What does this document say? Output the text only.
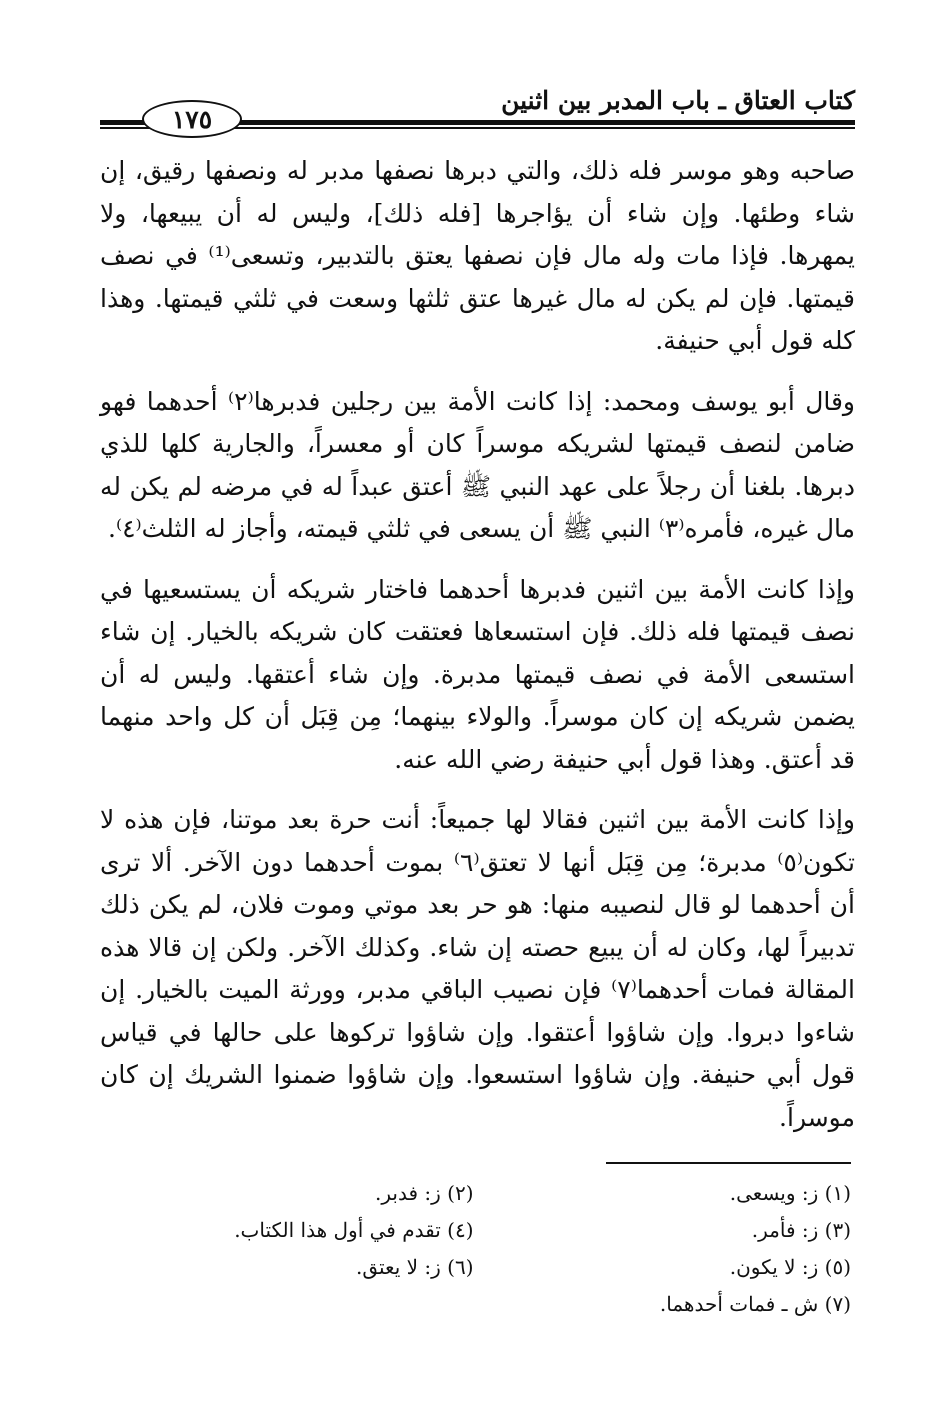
كتاب العتاق ـ باب المدبر بين اثنين
١٧٥

صاحبه وهو موسر فله ذلك، والتي دبرها نصفها مدبر له ونصفها رقيق، إن شاء وطئها. وإن شاء أن يؤاجرها [فله ذلك]، وليس له أن يبيعها، ولا يمهرها. فإذا مات وله مال فإن نصفها يعتق بالتدبير، وتسعى⁽¹⁾ في نصف قيمتها. فإن لم يكن له مال غيرها عتق ثلثها وسعت في ثلثي قيمتها. وهذا كله قول أبي حنيفة.

وقال أبو يوسف ومحمد: إذا كانت الأمة بين رجلين فدبرها⁽٢⁾ أحدهما فهو ضامن لنصف قيمتها لشريكه موسراً كان أو معسراً، والجارية كلها للذي دبرها. بلغنا أن رجلاً على عهد النبي ﷺ أعتق عبداً له في مرضه لم يكن له مال غيره، فأمره⁽٣⁾ النبي ﷺ أن يسعى في ثلثي قيمته، وأجاز له الثلث⁽٤⁾.

وإذا كانت الأمة بين اثنين فدبرها أحدهما فاختار شريكه أن يستسعيها في نصف قيمتها فله ذلك. فإن استسعاها فعتقت كان شريكه بالخيار. إن شاء استسعى الأمة في نصف قيمتها مدبرة. وإن شاء أعتقها. وليس له أن يضمن شريكه إن كان موسراً. والولاء بينهما؛ مِن قِبَل أن كل واحد منهما قد أعتق. وهذا قول أبي حنيفة رضي الله عنه.

وإذا كانت الأمة بين اثنين فقالا لها جميعاً: أنت حرة بعد موتنا، فإن هذه لا تكون⁽٥⁾ مدبرة؛ مِن قِبَل أنها لا تعتق⁽٦⁾ بموت أحدهما دون الآخر. ألا ترى أن أحدهما لو قال لنصيبه منها: هو حر بعد موتي وموت فلان، لم يكن ذلك تدبيراً لها، وكان له أن يبيع حصته إن شاء. وكذلك الآخر. ولكن إن قالا هذه المقالة فمات أحدهما⁽٧⁾ فإن نصيب الباقي مدبر، وورثة الميت بالخيار. إن شاءوا دبروا. وإن شاؤوا أعتقوا. وإن شاؤوا تركوها على حالها في قياس قول أبي حنيفة. وإن شاؤوا استسعوا. وإن شاؤوا ضمنوا الشريك إن كان موسراً.

(١) ز: ويسعى.
(٢) ز: فدبر.
(٣) ز: فأمر.
(٤) تقدم في أول هذا الكتاب.
(٥) ز: لا يكون.
(٦) ز: لا يعتق.
(٧) ش ـ فمات أحدهما.
